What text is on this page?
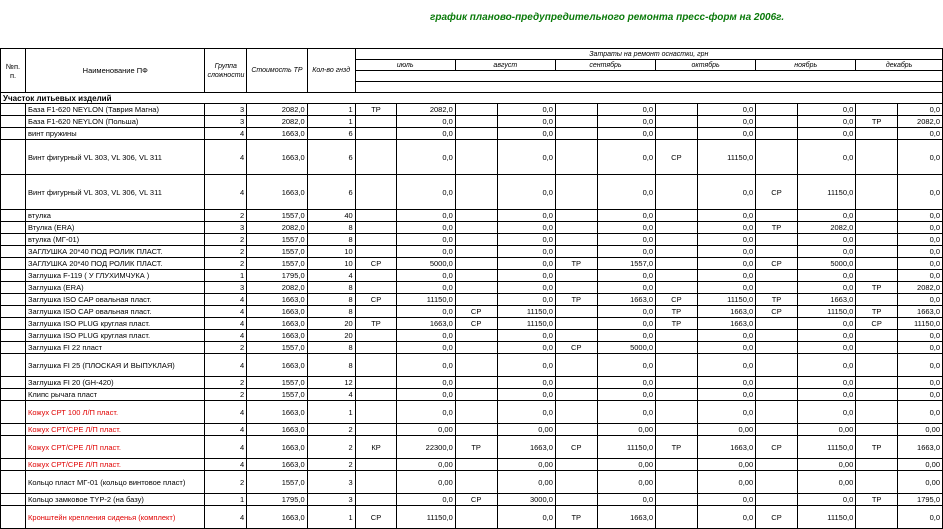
график планово-предупредительного ремонта пресс-форм на 2006г.
№п. п.	Наименование ПФ	Группа сложности	Стоимость ТР	Кол-во гнзд	Затраты на ремонт оснастки, грн											
					июль		август		сентябрь		октябрь		ноябрь		декабрь	

Участок литьевых изделий																
	База F1-620 NEYLON (Таврия Магна)	3	2082,0	1	ТР	2082,0		0,0		0,0		0,0		0,0		0,0
	База F1-620 NEYLON (Польша)	3	2082,0	1		0,0		0,0		0,0		0,0		0,0	ТР	2082,0
	винт пружины	4	1663,0	6		0,0		0,0		0,0		0,0		0,0		0,0
	Винт фигурный VL 303, VL 306, VL 311	4	1663,0	6		0,0		0,0		0,0	СР	11150,0		0,0		0,0
	Винт фигурный VL 303, VL 306, VL 311	4	1663,0	6		0,0		0,0		0,0		0,0	СР	11150,0		0,0
	втулка	2	1557,0	40		0,0		0,0		0,0		0,0		0,0		0,0
	Втулка (ERA)	3	2082,0	8		0,0		0,0		0,0		0,0	ТР	2082,0		0,0
	втулка (МГ-01)	2	1557,0	8		0,0		0,0		0,0		0,0		0,0		0,0
	ЗАГЛУШКА 20*40 ПОД РОЛИК ПЛАСТ.	2	1557,0	10		0,0		0,0		0,0		0,0		0,0		0,0
	ЗАГЛУШКА 20*40 ПОД РОЛИК ПЛАСТ.	2	1557,0	10	СР	5000,0		0,0	ТР	1557,0		0,0	СР	5000,0		0,0
	Заглушка F-119 ( У ГЛУХИМЧУКА )	1	1795,0	4		0,0		0,0		0,0		0,0		0,0		0,0
	Заглушка (ERA)	3	2082,0	8		0,0		0,0		0,0		0,0		0,0	ТР	2082,0
	Заглушка ISO CAP овальная пласт.	4	1663,0	8	СР	11150,0		0,0	ТР	1663,0	СР	11150,0	ТР	1663,0		0,0
	Заглушка ISO CAP овальная пласт.	4	1663,0	8		0,0	СР	11150,0		0,0	ТР	1663,0	СР	11150,0	ТР	1663,0
	Заглушка ISO PLUG круглая пласт.	4	1663,0	20	ТР	1663,0	СР	11150,0		0,0	ТР	1663,0		0,0	СР	11150,0
	Заглушка ISO PLUG круглая пласт.	4	1663,0	20		0,0		0,0		0,0		0,0		0,0		0,0
	Заглушка FI 22 пласт	2	1557,0	8		0,0		0,0	СР	5000,0		0,0		0,0		0,0
	Заглушка FI 25 (ПЛОСКАЯ И ВЫПУКЛАЯ)	4	1663,0	8		0,0		0,0		0,0		0,0		0,0		0,0
	Заглушка FI 20 (GH-420)	2	1557,0	12		0,0		0,0		0,0		0,0		0,0		0,0
	Клипс рычага пласт	2	1557,0	4		0,0		0,0		0,0		0,0		0,0		0,0
	Кожух СРТ 100 Л/П пласт.	4	1663,0	1		0,0		0,0		0,0		0,0		0,0		0,0
	Кожух СРТ/СРЕ Л/П пласт.	4	1663,0	2		0,00		0,00		0,00		0,00		0,00		0,00
	Кожух СРТ/СРЕ Л/П пласт.	4	1663,0	2	КР	22300,0	ТР	1663,0	СР	11150,0	ТР	1663,0	СР	11150,0	ТР	1663,0
	Кожух СРТ/СРЕ Л/П пласт.	4	1663,0	2		0,00		0,00		0,00		0,00		0,00		0,00
	Кольцо пласт МГ-01 (кольцо винтовое пласт)	2	1557,0	3		0,00		0,00		0,00		0,00		0,00		0,00
	Кольцо замковое TYP-2 (на базу)	1	1795,0	3		0,0	СР	3000,0		0,0		0,0		0,0	ТР	1795,0
	Кронштейн крепления сиденья (комплект)	4	1663,0	1	СР	11150,0		0,0	ТР	1663,0		0,0	СР	11150,0		0,0
